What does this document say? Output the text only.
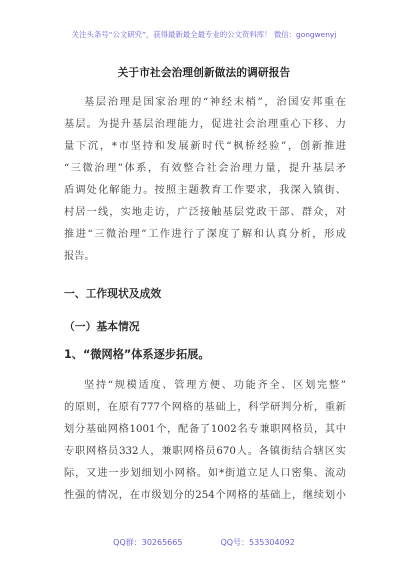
关注头条号“公文研究”，获得最新最全最专业的公文资料库！ 微信：gongwenyj
关于市社会治理创新做法的调研报告
基层治理是国家治理的“神经末梢”，治国安邦重在
基层。为提升基层治理能力，促进社会治理重心下移、力
量下沉，*市坚持和发展新时代“枫桥经验”，创新推进
“三微治理”体系，有效整合社会治理力量，提升基层矛
盾调处化解能力。按照主题教育工作要求，我深入镇街、
村居一线，实地走访，广泛接触基层党政干部、群众，对
推进“三微治理”工作进行了深度了解和认真分析，形成
报告。
一、工作现状及成效
（一）基本情况
1、“微网格”体系逐步拓展。
坚持“规模适度、管理方便、功能齐全、区划完整”
的原则，在原有777个网格的基础上，科学研判分析，重新
划分基础网格1001个，配备了1002名专兼职网格员，其中
专职网格员332人，兼职网格员670人。各镇街结合辖区实
际，又进一步划细划小网格。如*街道立足人口密集、流动
性强的情况，在市级划分的254个网格的基础上，继续划小
QQ群：30265665	QQ号：535304092
